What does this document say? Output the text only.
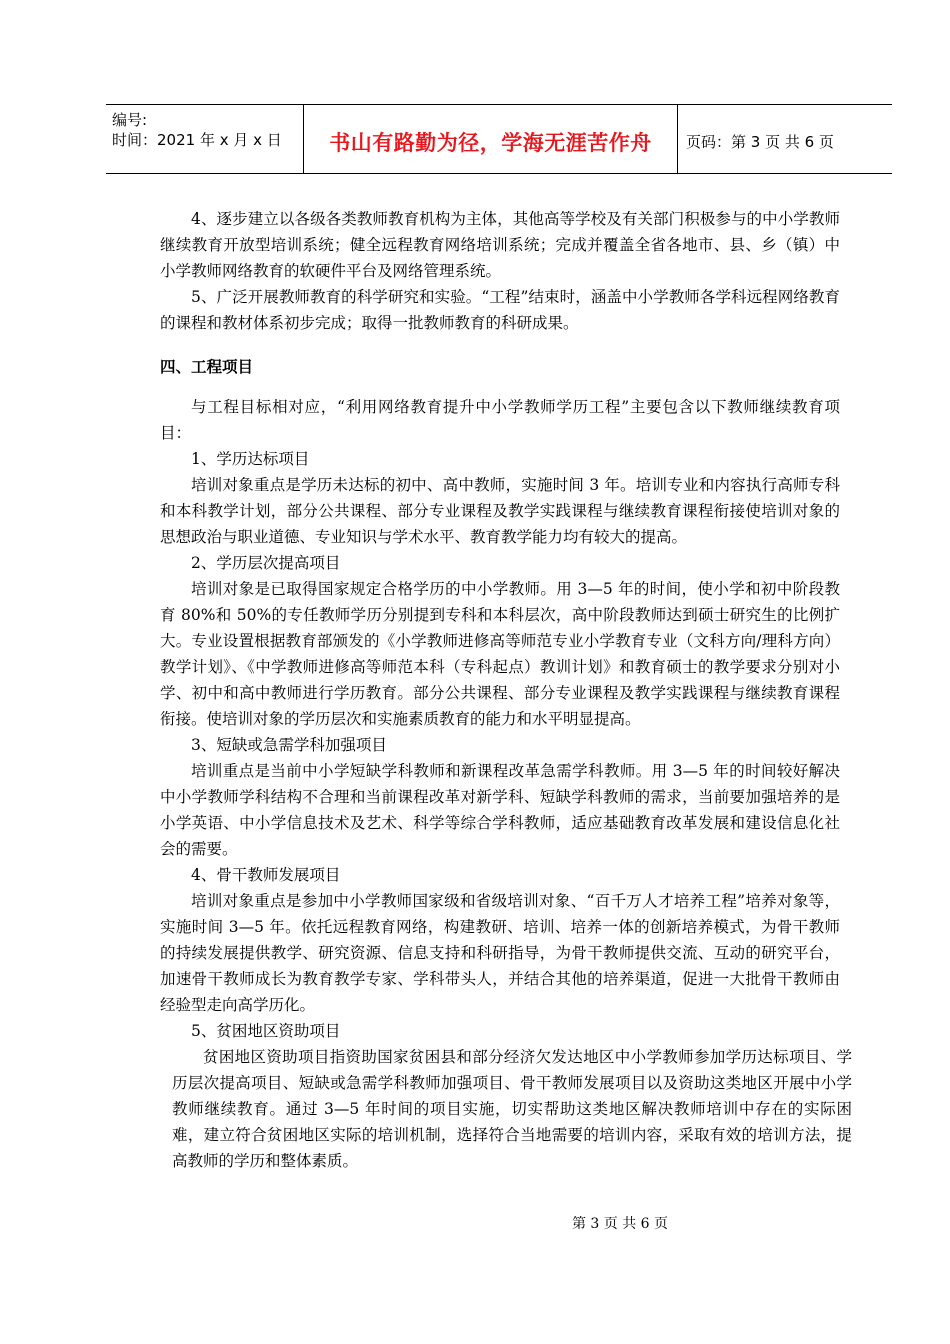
编号:
时间：2021 年 x 月 x 日	书山有路勤为径，学海无涯苦作舟	页码：第 3 页 共 6 页

4、逐步建立以各级各类教师教育机构为主体，其他高等学校及有关部门积极参与的中小学教师继续教育开放型培训系统；健全远程教育网络培训系统；完成并覆盖全省各地市、县、乡（镇）中小学教师网络教育的软硬件平台及网络管理系统。

5、广泛开展教师教育的科学研究和实验。“工程”结束时，涵盖中小学教师各学科远程网络教育的课程和教材体系初步完成；取得一批教师教育的科研成果。

四、工程项目

与工程目标相对应，“利用网络教育提升中小学教师学历工程”主要包含以下教师继续教育项目：

1、学历达标项目

培训对象重点是学历未达标的初中、高中教师，实施时间 3 年。培训专业和内容执行高师专科和本科教学计划，部分公共课程、部分专业课程及教学实践课程与继续教育课程衔接使培训对象的思想政治与职业道德、专业知识与学术水平、教育教学能力均有较大的提高。

2、学历层次提高项目

培训对象是已取得国家规定合格学历的中小学教师。用 3—5 年的时间，使小学和初中阶段教育 80%和 50%的专任教师学历分别提到专科和本科层次，高中阶段教师达到硕士研究生的比例扩大。专业设置根据教育部颁发的《小学教师进修高等师范专业小学教育专业（文科方向/理科方向）教学计划》、《中学教师进修高等师范本科（专科起点）教训计划》和教育硕士的教学要求分别对小学、初中和高中教师进行学历教育。部分公共课程、部分专业课程及教学实践课程与继续教育课程衔接。使培训对象的学历层次和实施素质教育的能力和水平明显提高。

3、短缺或急需学科加强项目

培训重点是当前中小学短缺学科教师和新课程改革急需学科教师。用 3—5 年的时间较好解决中小学教师学科结构不合理和当前课程改革对新学科、短缺学科教师的需求，当前要加强培养的是小学英语、中小学信息技术及艺术、科学等综合学科教师，适应基础教育改革发展和建设信息化社会的需要。

4、骨干教师发展项目

培训对象重点是参加中小学教师国家级和省级培训对象、“百千万人才培养工程”培养对象等，实施时间 3—5 年。依托远程教育网络，构建教研、培训、培养一体的创新培养模式，为骨干教师的持续发展提供教学、研究资源、信息支持和科研指导，为骨干教师提供交流、互动的研究平台，加速骨干教师成长为教育教学专家、学科带头人，并结合其他的培养渠道，促进一大批骨干教师由经验型走向高学历化。

5、贫困地区资助项目

贫困地区资助项目指资助国家贫困县和部分经济欠发达地区中小学教师参加学历达标项目、学历层次提高项目、短缺或急需学科教师加强项目、骨干教师发展项目以及资助这类地区开展中小学教师继续教育。通过 3—5 年时间的项目实施，切实帮助这类地区解决教师培训中存在的实际困难，建立符合贫困地区实际的培训机制，选择符合当地需要的培训内容，采取有效的培训方法，提高教师的学历和整体素质。

第 3 页 共 6 页
